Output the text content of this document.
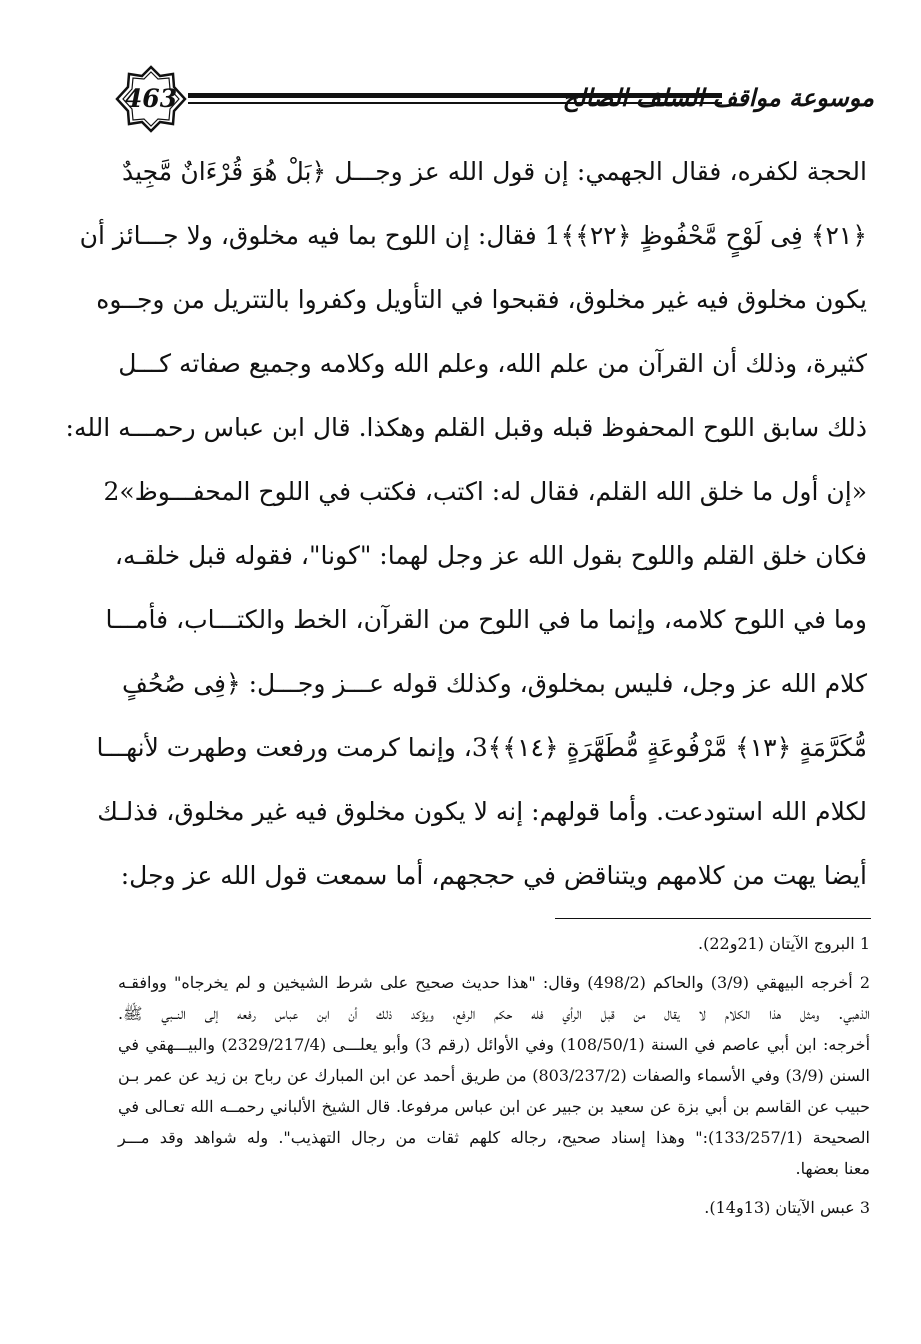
463	موسوعة مواقف السلف الصالح
الحجة لكفره، فقال الجهمي: إن قول الله عز وجـــل ﴿بَلْ هُوَ قُرْءَانٌ مَّجِيدٌ
﴿٢١﴾ فِى لَوْحٍ مَّحْفُوظٍ ﴿٢٢﴾﴾1 فقال: إن اللوح بما فيه مخلوق، ولا جـــائز أن
يكون مخلوق فيه غير مخلوق، فقبحوا في التأويل وكفروا بالتتريل من وجــوه
كثيرة، وذلك أن القرآن من علم الله، وعلم الله وكلامه وجميع صفاته كـــل
ذلك سابق اللوح المحفوظ قبله وقبل القلم وهكذا. قال ابن عباس رحمـــه الله:
«إن أول ما خلق الله القلم، فقال له: اكتب، فكتب في اللوح المحفـــوظ»2
فكان خلق القلم واللوح بقول الله عز وجل لهما: "كونا"، فقوله قبل خلقـه،
وما في اللوح كلامه، وإنما ما في اللوح من القرآن، الخط والكتـــاب، فأمـــا
كلام الله عز وجل، فليس بمخلوق، وكذلك قوله عـــز وجـــل: ﴿فِى صُحُفٍ
مُّكَرَّمَةٍ ﴿١٣﴾ مَّرْفُوعَةٍ مُّطَهَّرَةٍ ﴿١٤﴾﴾3، وإنما كرمت ورفعت وطهرت لأنهـــا
لكلام الله استودعت. وأما قولهم: إنه لا يكون مخلوق فيه غير مخلوق، فذلـك
أيضا يهت من كلامهم ويتناقض في حججهم، أما سمعت قول الله عز وجل:
1 البروج الآيتان (21و22).
2 أخرجه البيهقي (3/9) والحاكم (498/2) وقال: "هذا حديث صحيح على شرط الشيخين و لم يخرجاه" ووافقـه
الذهبي. ومثل هذا الكلام لا يقال من قبل الرأي فله حكم الرفع، ويؤكد ذلك أن ابن عباس رفعه إلى النــبي ﷺ.
أخرجه: ابن أبي عاصم في السنة (108/50/1) وفي الأوائل (رقم 3) وأبو يعلـــى (2329/217/4) والبيـــهقي في
السنن (3/9) وفي الأسماء والصفات (803/237/2) من طريق أحمد عن ابن المبارك عن رباح بن زيد عن عمر بـن
حبيب عن القاسم بن أبي بزة عن سعيد بن جبير عن ابن عباس مرفوعا. قال الشيخ الألباني رحمــه الله تعـالى في
الصحيحة (133/257/1):" وهذا إسناد صحيح، رجاله كلهم ثقات من رجال التهذيب". وله شواهد وقد مـــر
معنا بعضها.
3 عبس الآيتان (13و14).
